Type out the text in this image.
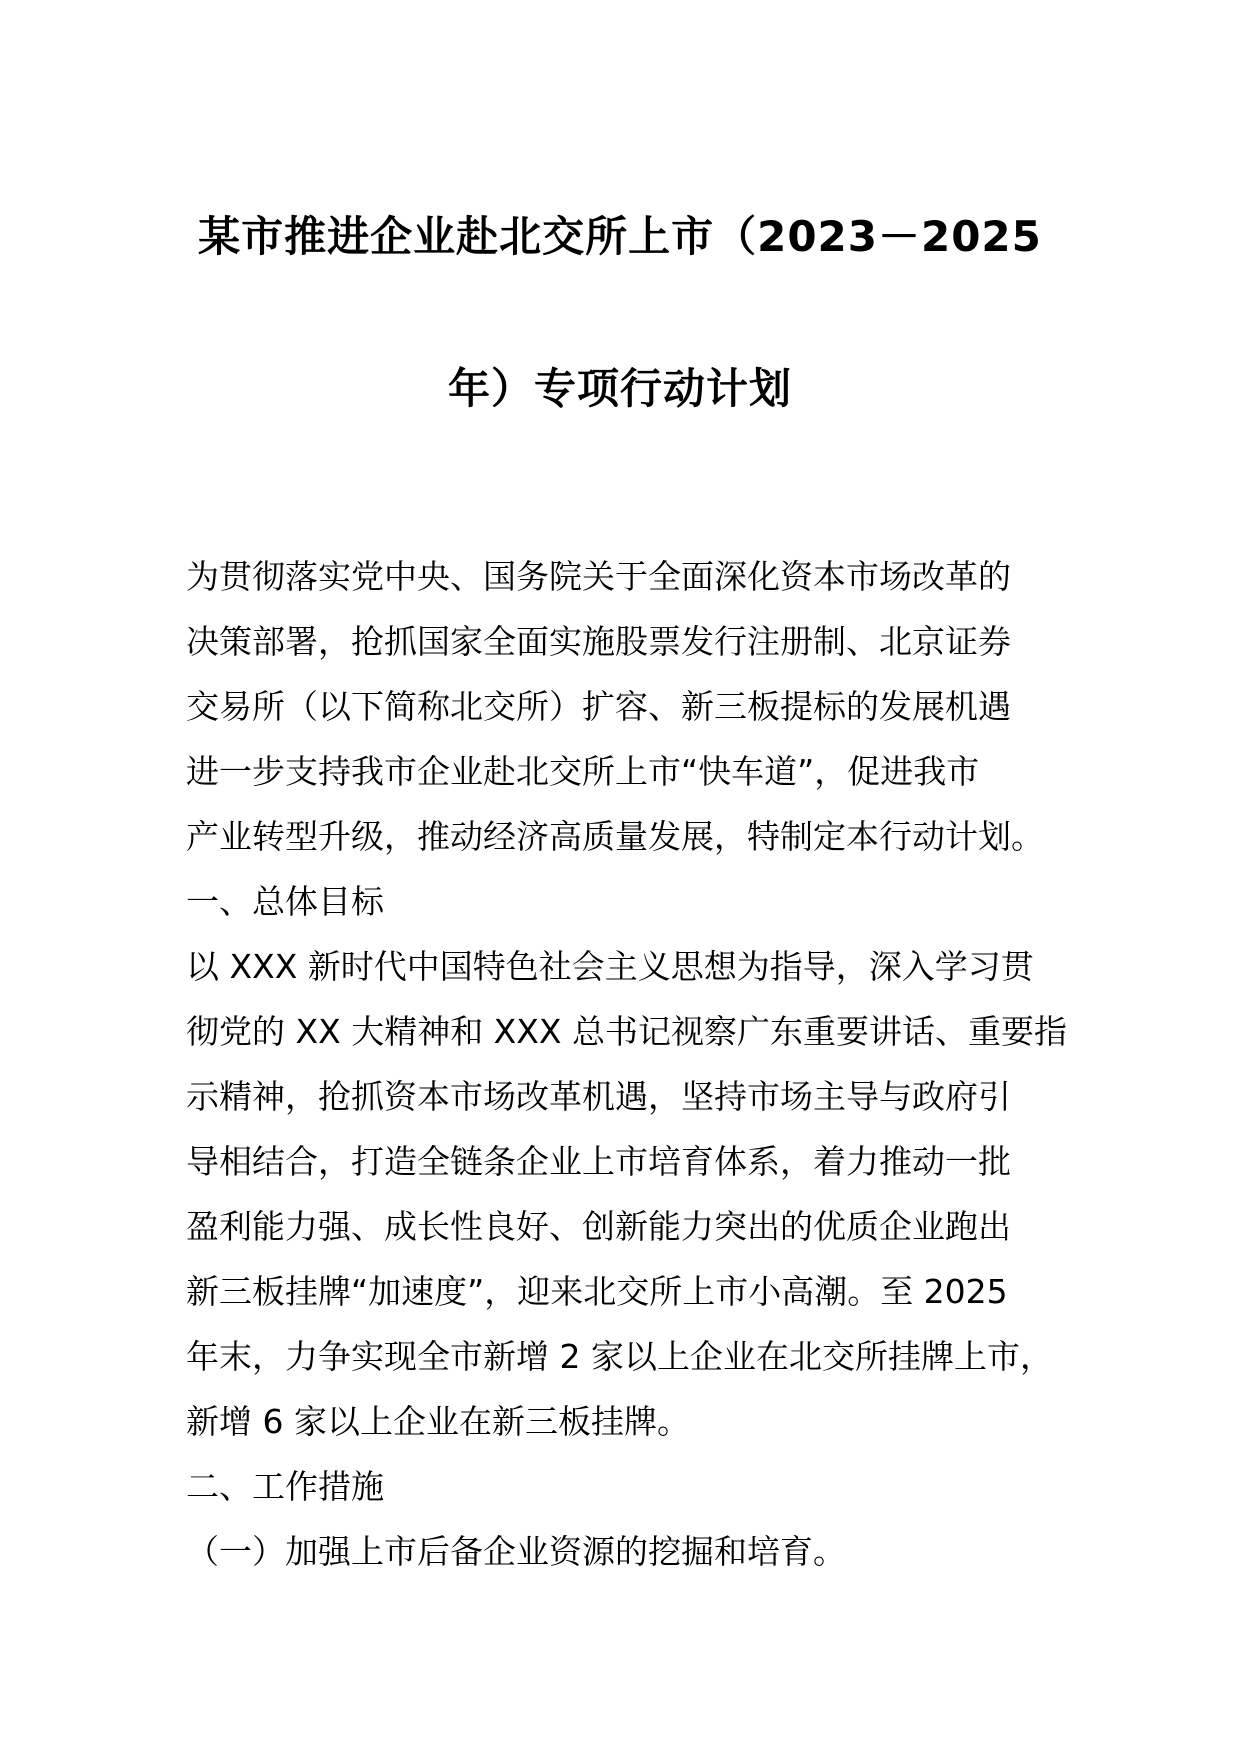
某市推进企业赴北交所上市（2023－2025
年）专项行动计划
为贯彻落实党中央、国务院关于全面深化资本市场改革的
决策部署，抢抓国家全面实施股票发行注册制、北京证券
交易所（以下简称北交所）扩容、新三板提标的发展机遇
进一步支持我市企业赴北交所上市“快车道”，促进我市
产业转型升级，推动经济高质量发展，特制定本行动计划。
一、总体目标
以 XXX 新时代中国特色社会主义思想为指导，深入学习贯
彻党的 XX 大精神和 XXX 总书记视察广东重要讲话、重要指
示精神，抢抓资本市场改革机遇，坚持市场主导与政府引
导相结合，打造全链条企业上市培育体系，着力推动一批
盈利能力强、成长性良好、创新能力突出的优质企业跑出
新三板挂牌“加速度”，迎来北交所上市小高潮。至 2025
年末，力争实现全市新增 2 家以上企业在北交所挂牌上市，
新增 6 家以上企业在新三板挂牌。
二、工作措施
（一）加强上市后备企业资源的挖掘和培育。
